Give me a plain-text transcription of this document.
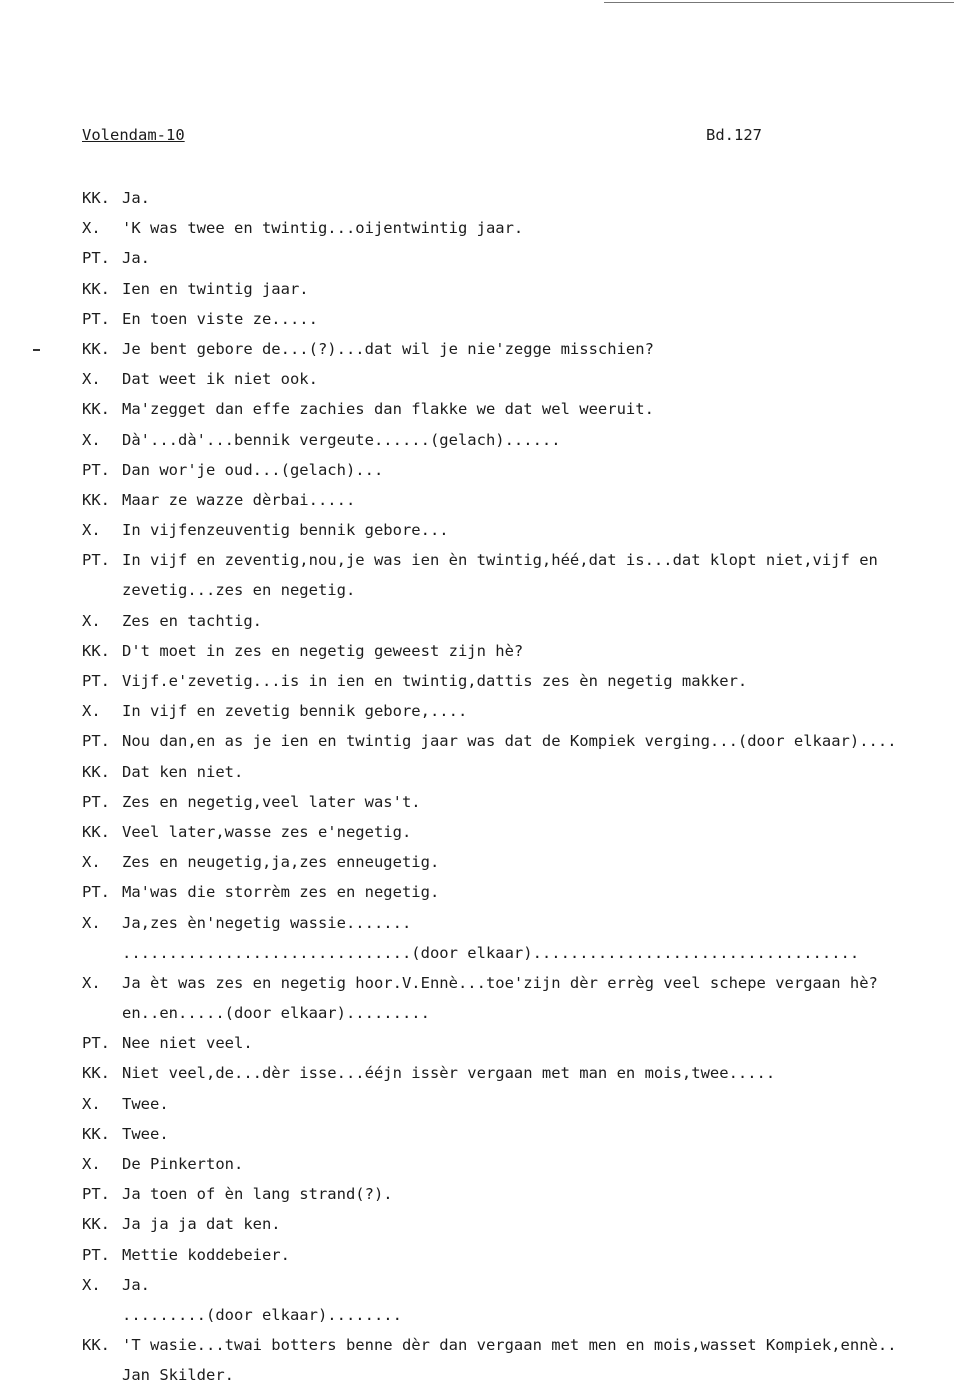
Volendam-10	Bd.127
KK. Ja.
X.	'K was twee en twintig...oijentwintig jaar.
PT. Ja.
KK. Ien en twintig jaar.
PT. En toen viste ze.....
KK. Je bent gebore de...(?)...dat wil je nie'zegge misschien?
X.	Dat weet ik niet ook.
KK. Ma'zegget dan effe zachies dan flakke we dat wel weeruit.
X.	Dà'...dà'...bennik vergeute......(gelach)......
PT. Dan wor'je oud...(gelach)...
KK. Maar ze wazze dèrbai.....
X.	In vijfenzeuventig bennik gebore...
PT. In vijf en zeventig,nou,je was ien èn twintig,héé,dat is...dat klopt niet,vijf en
zevetig...zes en negetig.
X.	Zes en tachtig.
KK. D't moet in zes en negetig geweest zijn hè?
PT. Vijf.e'zevetig...is in ien en twintig,dattis zes èn negetig makker.
X.	In vijf en zevetig bennik gebore,....
PT. Nou dan,en as je ien en twintig jaar was dat de Kompiek verging...(door elkaar)....
KK. Dat ken niet.
PT. Zes en negetig,veel later was't.
KK. Veel later,wasse zes e'negetig.
X.	Zes en neugetig,ja,zes enneugetig.
PT. Ma'was die storrèm zes en negetig.
X.	Ja,zes èn'negetig wassie.......
...............................(door elkaar)...................................
X.	Ja èt was zes en negetig hoor.V.Ennè...toe'zijn dèr errèg veel schepe vergaan hè?
en..en.....(door elkaar).........
PT. Nee niet veel.
KK. Niet veel,de...dèr isse...ééjn issèr vergaan met man en mois,twee.....
X.	Twee.
KK. Twee.
X.	De Pinkerton.
PT. Ja toen of èn lang strand(?).
KK. Ja ja ja dat ken.
PT. Mettie koddebeier.
X.	Ja.
.........(door elkaar)........
KK. 'T wasie...twai botters benne dèr dan vergaan met men en mois,wasset Kompiek,ennè..
Jan Skilder.
